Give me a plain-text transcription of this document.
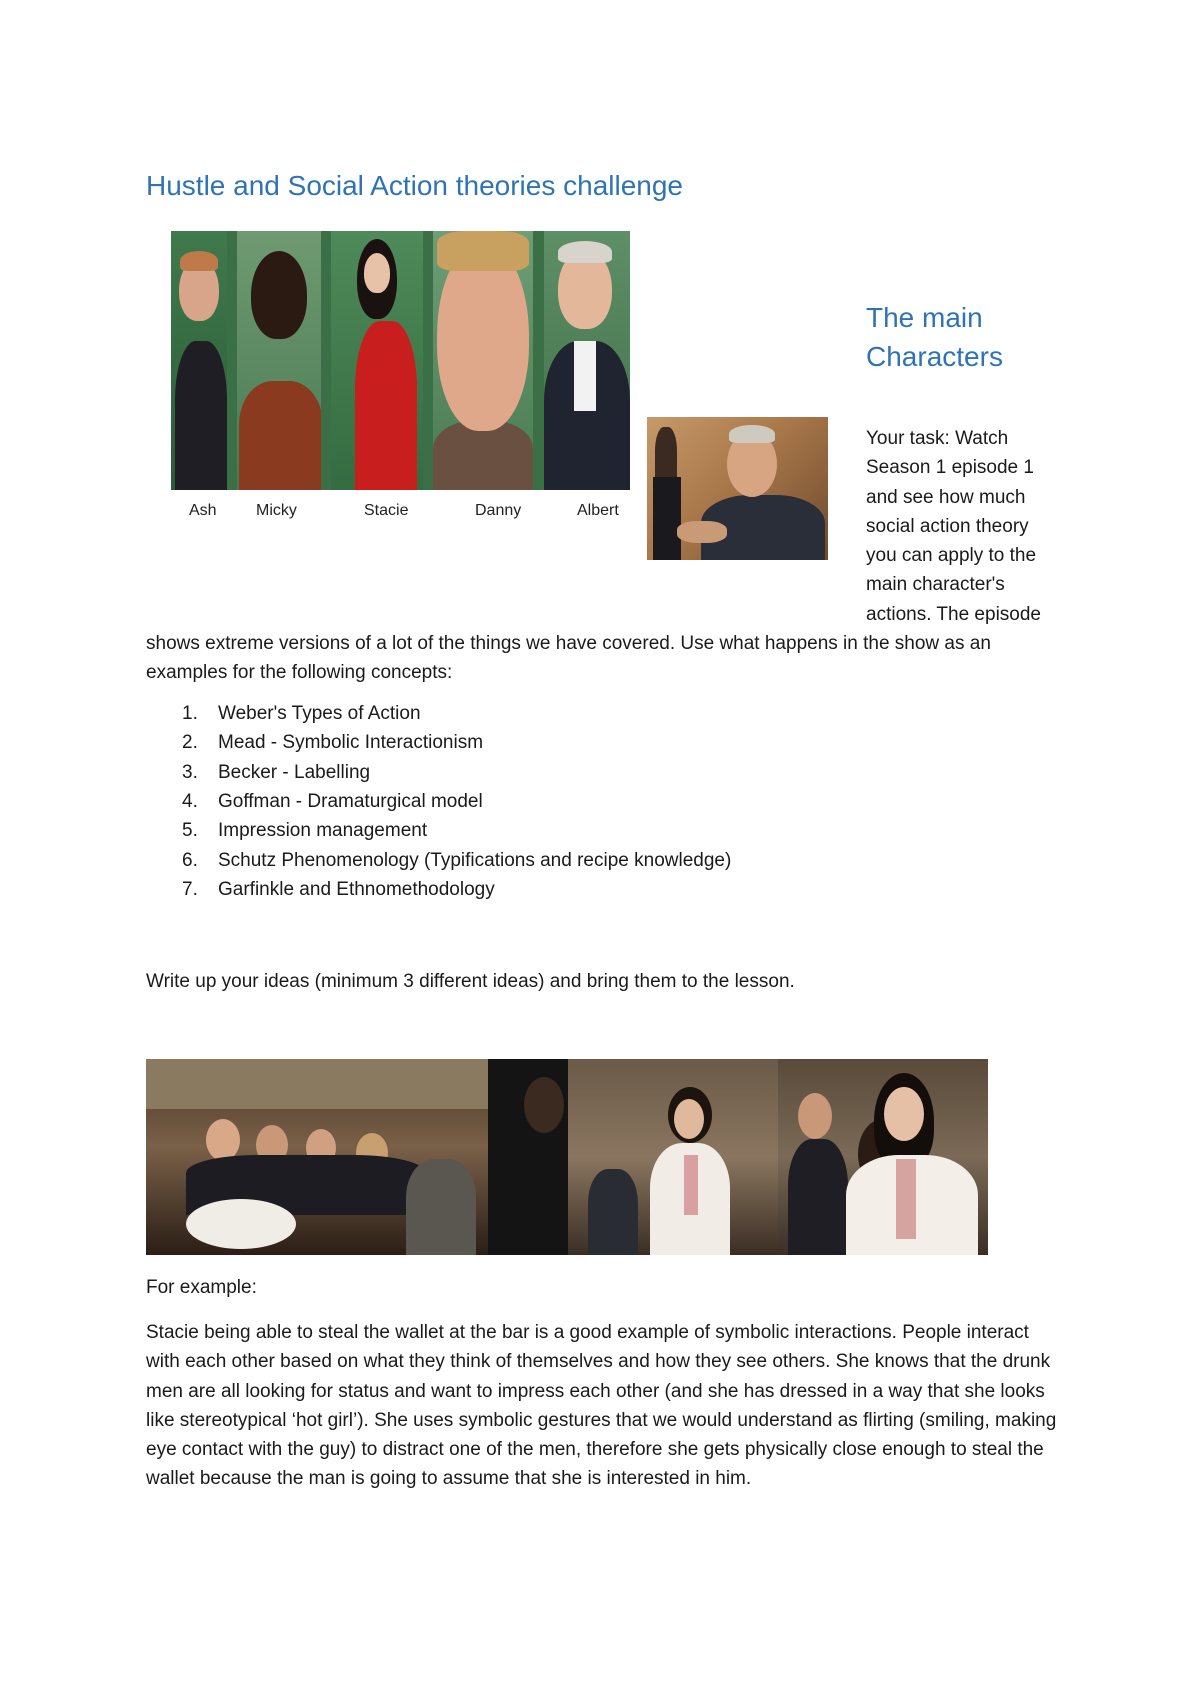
Hustle and Social Action theories challenge
Ash Micky	Stacie	Danny	Albert
The main
Characters
Your task: Watch
Season 1 episode 1
and see how much
social action theory
you can apply to the
main character's
actions. The episode
shows extreme versions of a lot of the things we have covered. Use what happens in the show as an examples for the following concepts:
1. Weber's Types of Action
2. Mead - Symbolic Interactionism
3. Becker - Labelling
4. Goffman - Dramaturgical model
5. Impression management
6. Schutz Phenomenology (Typifications and recipe knowledge)
7. Garfinkle and Ethnomethodology
Write up your ideas (minimum 3 different ideas) and bring them to the lesson.
For example:
Stacie being able to steal the wallet at the bar is a good example of symbolic interactions. People interact with each other based on what they think of themselves and how they see others. She knows that the drunk men are all looking for status and want to impress each other (and she has dressed in a way that she looks like stereotypical ‘hot girl’). She uses symbolic gestures that we would understand as flirting (smiling, making eye contact with the guy) to distract one of the men, therefore she gets physically close enough to steal the wallet because the man is going to assume that she is interested in him.
